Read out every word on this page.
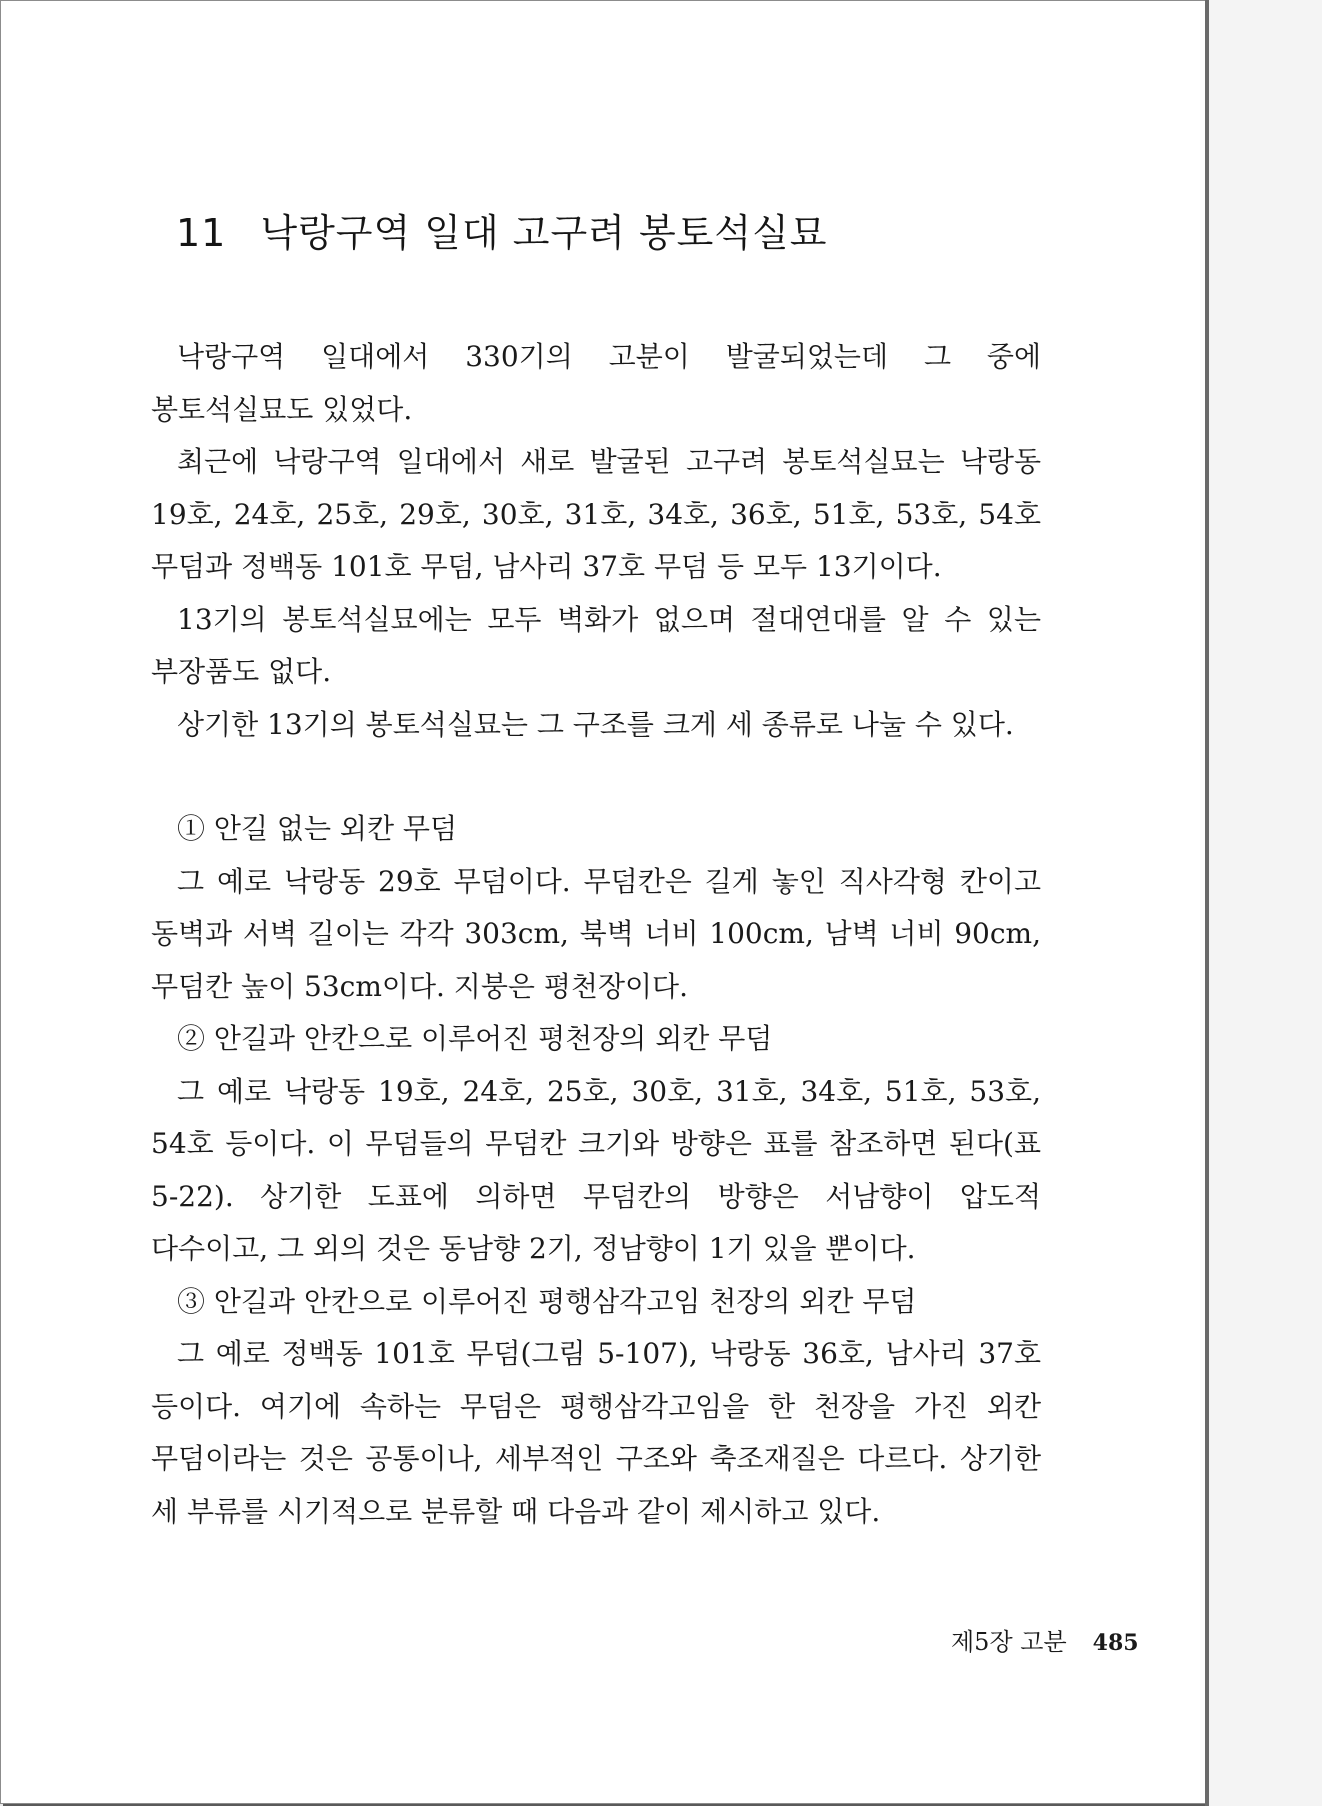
11 낙랑구역 일대 고구려 봉토석실묘

낙랑구역 일대에서 330기의 고분이 발굴되었는데 그 중에 봉토석실묘도 있었다.

최근에 낙랑구역 일대에서 새로 발굴된 고구려 봉토석실묘는 낙랑동 19호, 24호, 25호, 29호, 30호, 31호, 34호, 36호, 51호, 53호, 54호 무덤과 정백동 101호 무덤, 남사리 37호 무덤 등 모두 13기이다.

13기의 봉토석실묘에는 모두 벽화가 없으며 절대연대를 알 수 있는 부장품도 없다.

상기한 13기의 봉토석실묘는 그 구조를 크게 세 종류로 나눌 수 있다.

① 안길 없는 외칸 무덤

그 예로 낙랑동 29호 무덤이다. 무덤칸은 길게 놓인 직사각형 칸이고 동벽과 서벽 길이는 각각 303cm, 북벽 너비 100cm, 남벽 너비 90cm, 무덤칸 높이 53cm이다. 지붕은 평천장이다.

② 안길과 안칸으로 이루어진 평천장의 외칸 무덤

그 예로 낙랑동 19호, 24호, 25호, 30호, 31호, 34호, 51호, 53호, 54호 등이다. 이 무덤들의 무덤칸 크기와 방향은 표를 참조하면 된다(표 5-22). 상기한 도표에 의하면 무덤칸의 방향은 서남향이 압도적 다수이고, 그 외의 것은 동남향 2기, 정남향이 1기 있을 뿐이다.

③ 안길과 안칸으로 이루어진 평행삼각고임 천장의 외칸 무덤

그 예로 정백동 101호 무덤(그림 5-107), 낙랑동 36호, 남사리 37호 등이다. 여기에 속하는 무덤은 평행삼각고임을 한 천장을 가진 외칸 무덤이라는 것은 공통이나, 세부적인 구조와 축조재질은 다르다. 상기한 세 부류를 시기적으로 분류할 때 다음과 같이 제시하고 있다.

제5장 고분 485
